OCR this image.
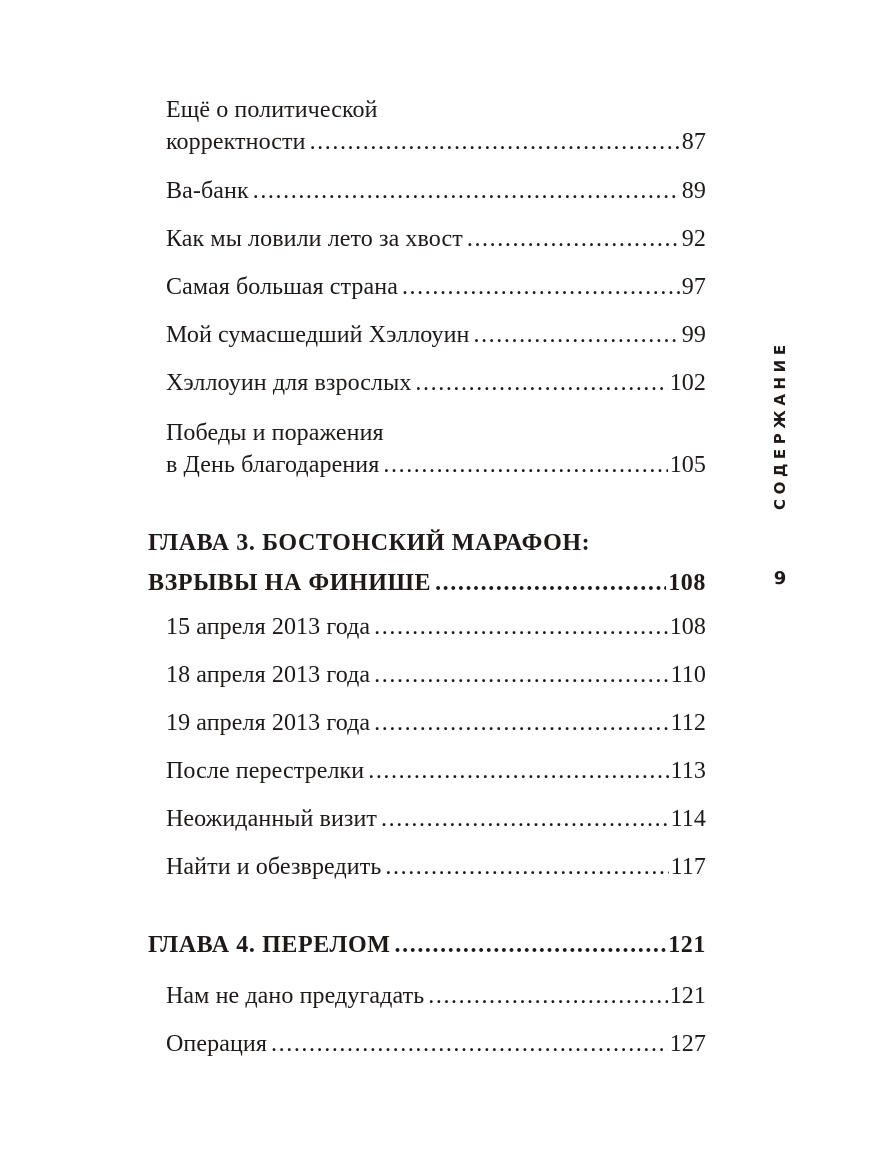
Ещё о политической
корректности .....	87
Ва-банк .....	89
Как мы ловили лето за хвост .....	92
Самая большая страна .....	97
Мой сумасшедший Хэллоуин .....	99
Хэллоуин для взрослых .....	102
Победы и поражения
в День благодарения .....	105
ГЛАВА 3. БОСТОНСКИЙ МАРАФОН:
ВЗРЫВЫ НА ФИНИШЕ .....	108
15 апреля 2013 года .....	108
18 апреля 2013 года .....	110
19 апреля 2013 года .....	112
После перестрелки .....	113
Неожиданный визит .....	114
Найти и обезвредить .....	117
ГЛАВА 4. ПЕРЕЛОМ .....	121
Нам не дано предугадать .....	121
Операция .....	127
СОДЕРЖАНИЕ
9
